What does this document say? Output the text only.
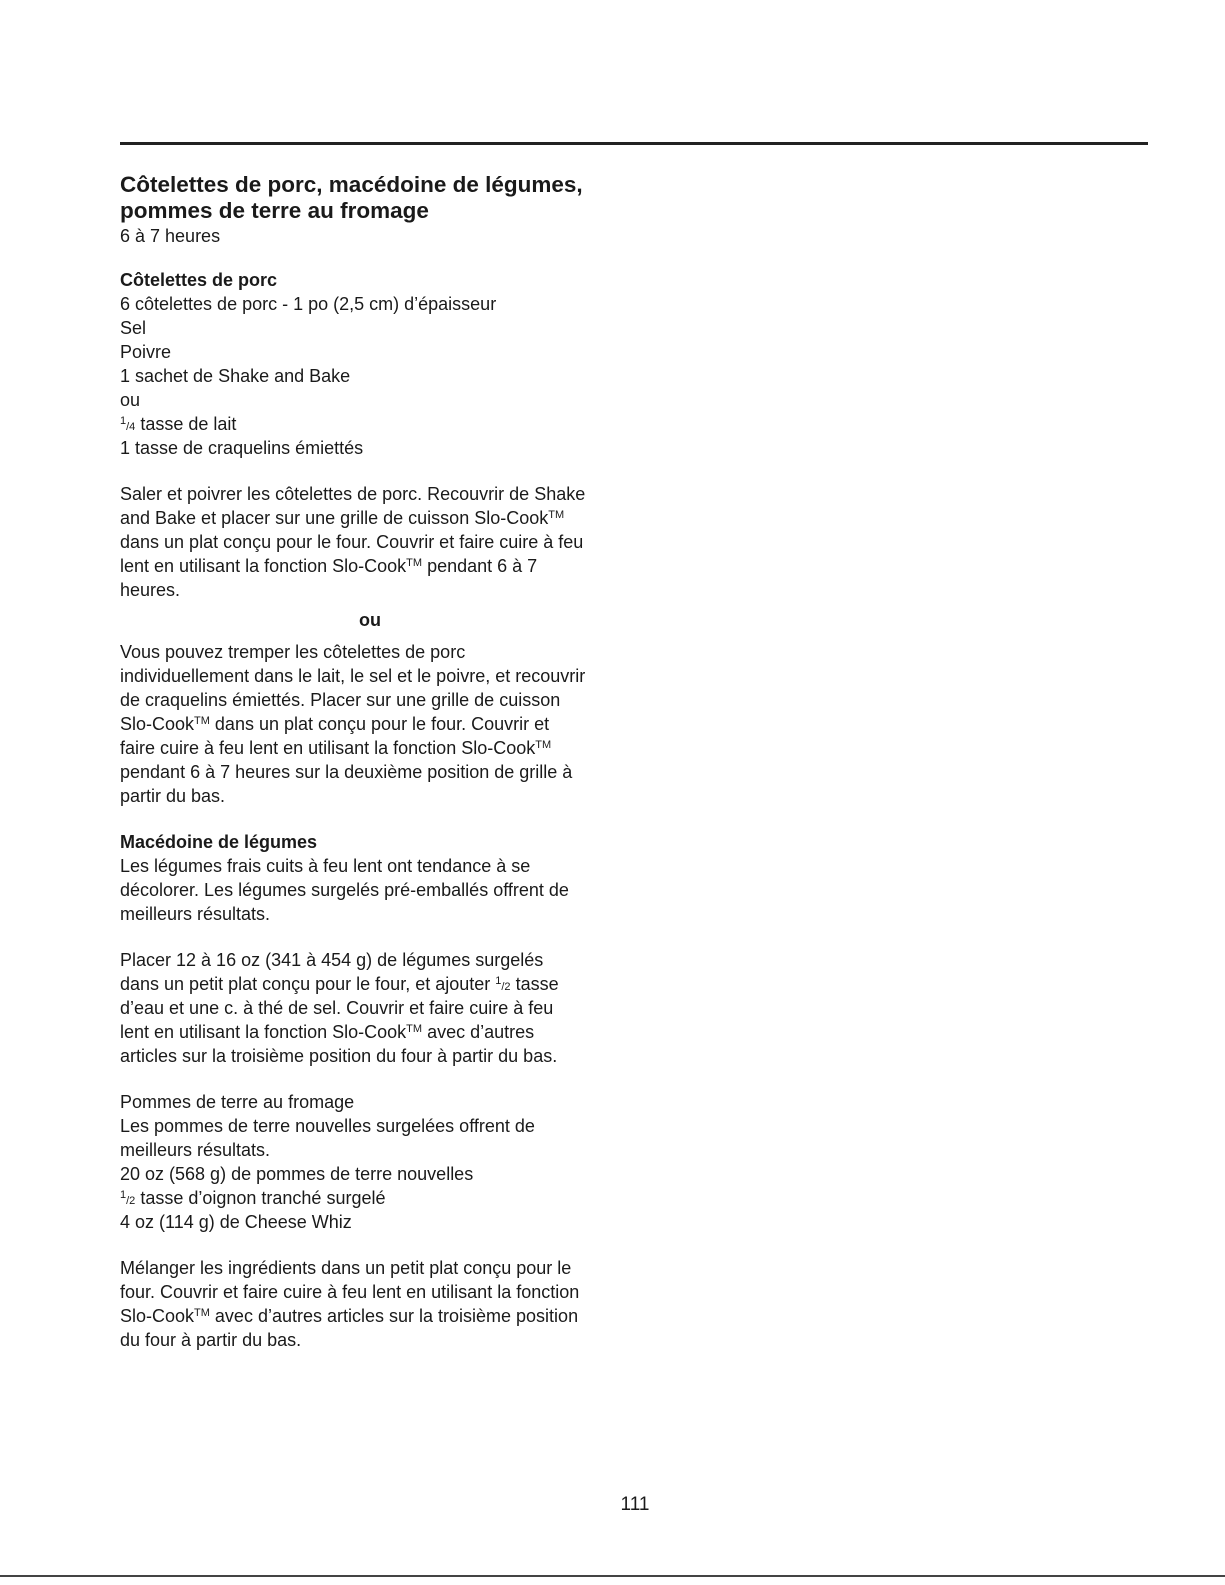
Côtelettes de porc, macédoine de légumes,

pommes de terre au fromage

6 à 7 heures

Côtelettes de porc

6 côtelettes de porc - 1 po (2,5 cm) d’épaisseur

Sel

Poivre

1 sachet de Shake and Bake

ou

$^1$/4 tasse de lait

1 tasse de craquelins émiettés

Saler et poivrer les côtelettes de porc. Recouvrir de Shake

and Bake et placer sur une grille de cuisson Slo-Cook™

dans un plat conçu pour le four. Couvrir et faire cuire à feu

lent en utilisant la fonction Slo-Cook™ pendant 6 à 7

heures.

ou

Vous pouvez tremper les côtelettes de porc

individuellement dans le lait, le sel et le poivre, et recouvrir

de craquelins émiettés. Placer sur une grille de cuisson

Slo-Cook™ dans un plat conçu pour le four. Couvrir et

faire cuire à feu lent en utilisant la fonction Slo-Cook™

pendant 6 à 7 heures sur la deuxième position de grille à

partir du bas.

Macédoine de légumes

Les légumes frais cuits à feu lent ont tendance à se

décolorer. Les légumes surgelés pré-emballés offrent de

meilleurs résultats.

Placer 12 à 16 oz (341 à 454 g) de légumes surgelés

dans un petit plat conçu pour le four, et ajouter $^1$/2 tasse

d’eau et une c. à thé de sel. Couvrir et faire cuire à feu

lent en utilisant la fonction Slo-Cook™ avec d’autres

articles sur la troisième position du four à partir du bas.

Pommes de terre au fromage

Les pommes de terre nouvelles surgelées offrent de

meilleurs résultats.

20 oz (568 g) de pommes de terre nouvelles

$^1$/2 tasse d’oignon tranché surgelé

4 oz (114 g) de Cheese Whiz

Mélanger les ingrédients dans un petit plat conçu pour le

four. Couvrir et faire cuire à feu lent en utilisant la fonction

Slo-Cook™ avec d’autres articles sur la troisième position

du four à partir du bas.

111
